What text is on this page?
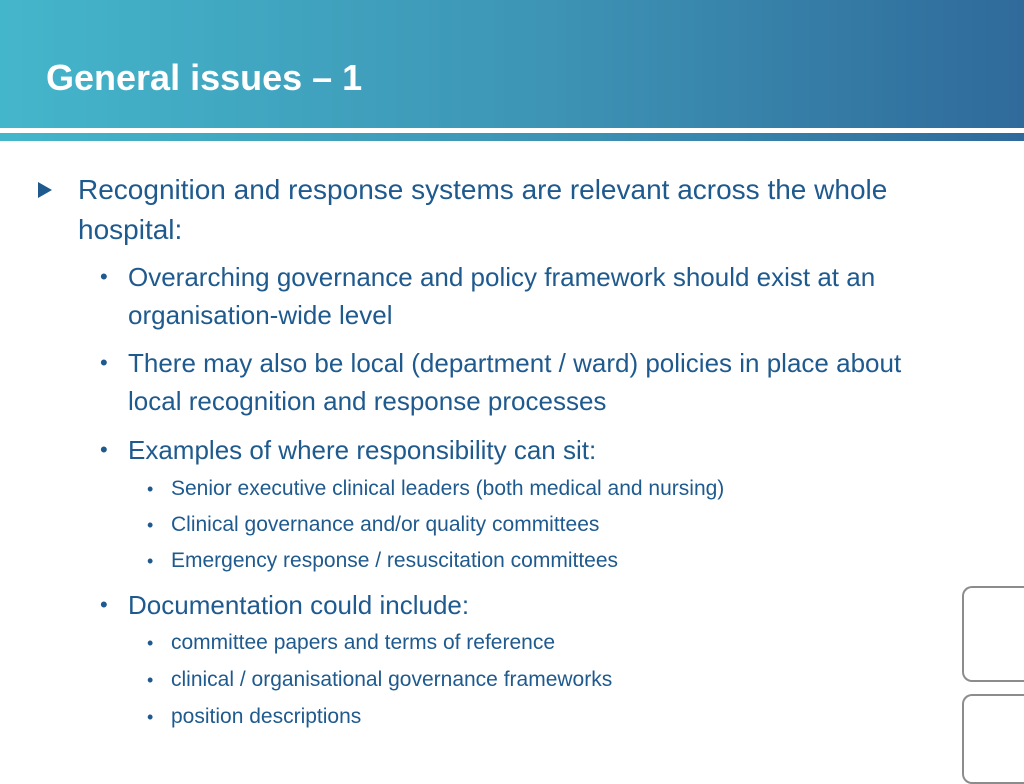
General issues – 1
Recognition and response systems are relevant across the whole hospital:
• Overarching governance and policy framework should exist at an organisation-wide level
• There may also be local (department / ward) policies in place about local recognition and response processes
• Examples of where responsibility can sit:
• Senior executive clinical leaders (both medical and nursing)
• Clinical governance and/or quality committees
• Emergency response / resuscitation committees
• Documentation could include:
• committee papers and terms of reference
• clinical / organisational governance frameworks
• position descriptions
